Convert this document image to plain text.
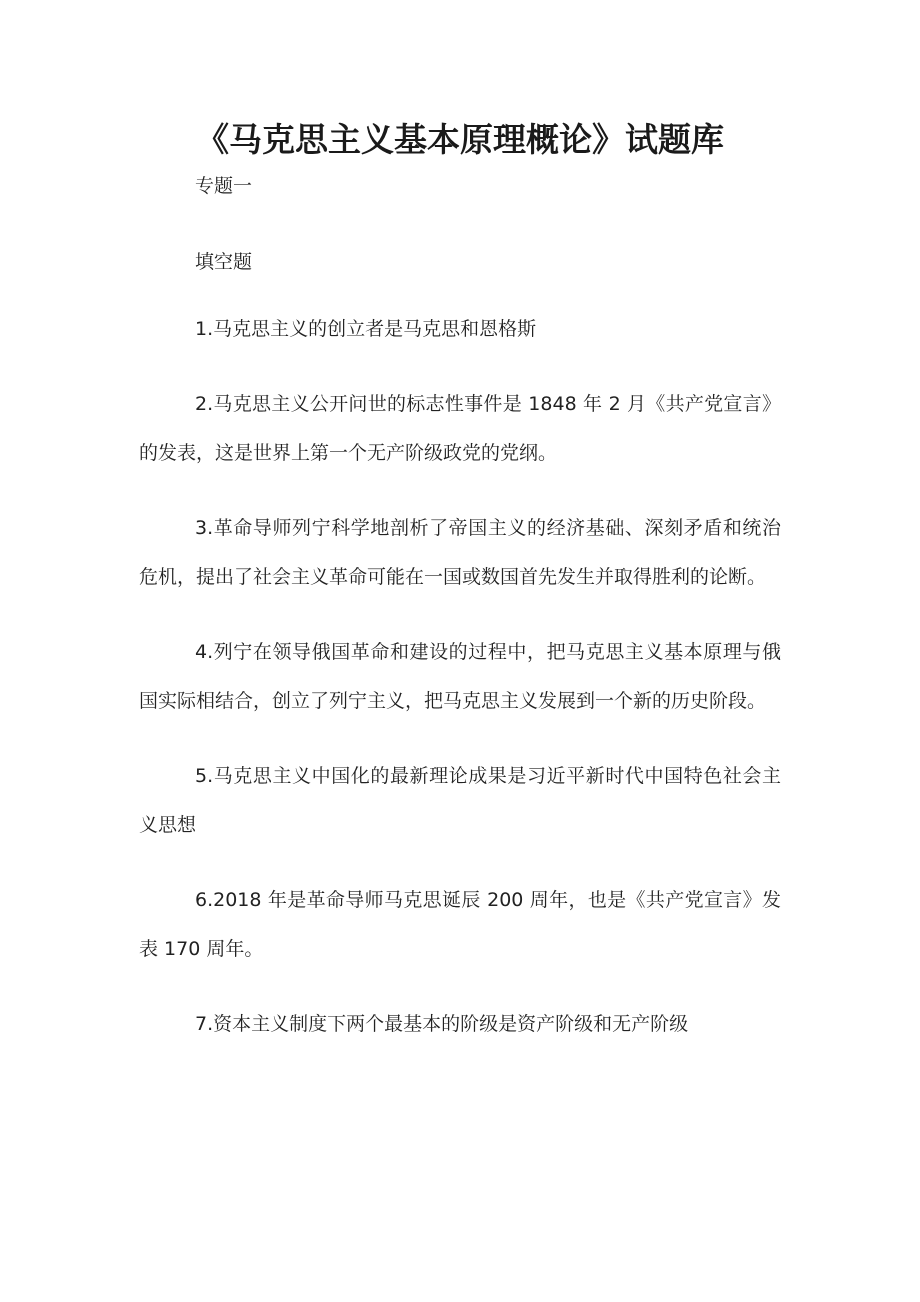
《马克思主义基本原理概论》试题库

专题一

填空题

1.马克思主义的创立者是马克思和恩格斯

2.马克思主义公开问世的标志性事件是 1848 年 2 月《共产党宣言》的发表，这是世界上第一个无产阶级政党的党纲。

3.革命导师列宁科学地剖析了帝国主义的经济基础、深刻矛盾和统治危机，提出了社会主义革命可能在一国或数国首先发生并取得胜利的论断。

4.列宁在领导俄国革命和建设的过程中，把马克思主义基本原理与俄国实际相结合，创立了列宁主义，把马克思主义发展到一个新的历史阶段。

5.马克思主义中国化的最新理论成果是习近平新时代中国特色社会主义思想

6.2018 年是革命导师马克思诞辰 200 周年，也是《共产党宣言》发表 170 周年。

7.资本主义制度下两个最基本的阶级是资产阶级和无产阶级
